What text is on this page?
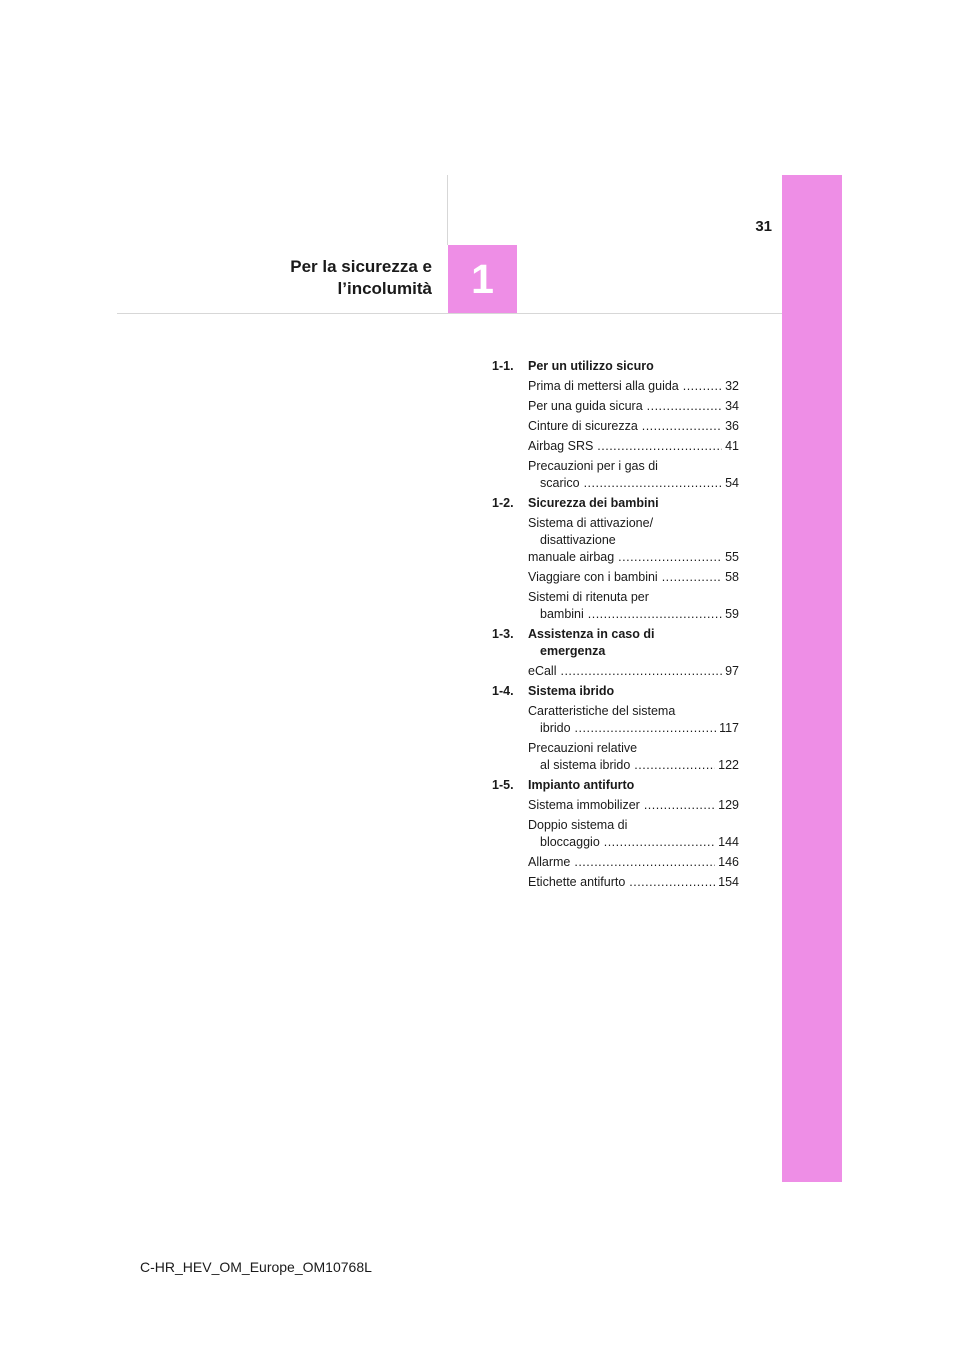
1
31
Per la sicurezza e
l’incolumità
1-1.	Per un utilizzo sicuro
Prima di mettersi alla guida .....	32
Per una guida sicura .....	34
Cinture di sicurezza .....	36
Airbag SRS .....	41
Precauzioni per i gas di
scarico .....	54
1-2.	Sicurezza dei bambini
Sistema di attivazione/
disattivazione
manuale airbag .....	55
Viaggiare con i bambini .....	58
Sistemi di ritenuta per
bambini .....	59
1-3.	Assistenza in caso di
emergenza
eCall .....	97
1-4.	Sistema ibrido
Caratteristiche del sistema
ibrido .....	117
Precauzioni relative
al sistema ibrido .....	122
1-5.	Impianto antifurto
Sistema immobilizer .....	129
Doppio sistema di
bloccaggio .....	144
Allarme .....	146
Etichette antifurto .....	154
C-HR_HEV_OM_Europe_OM10768L
